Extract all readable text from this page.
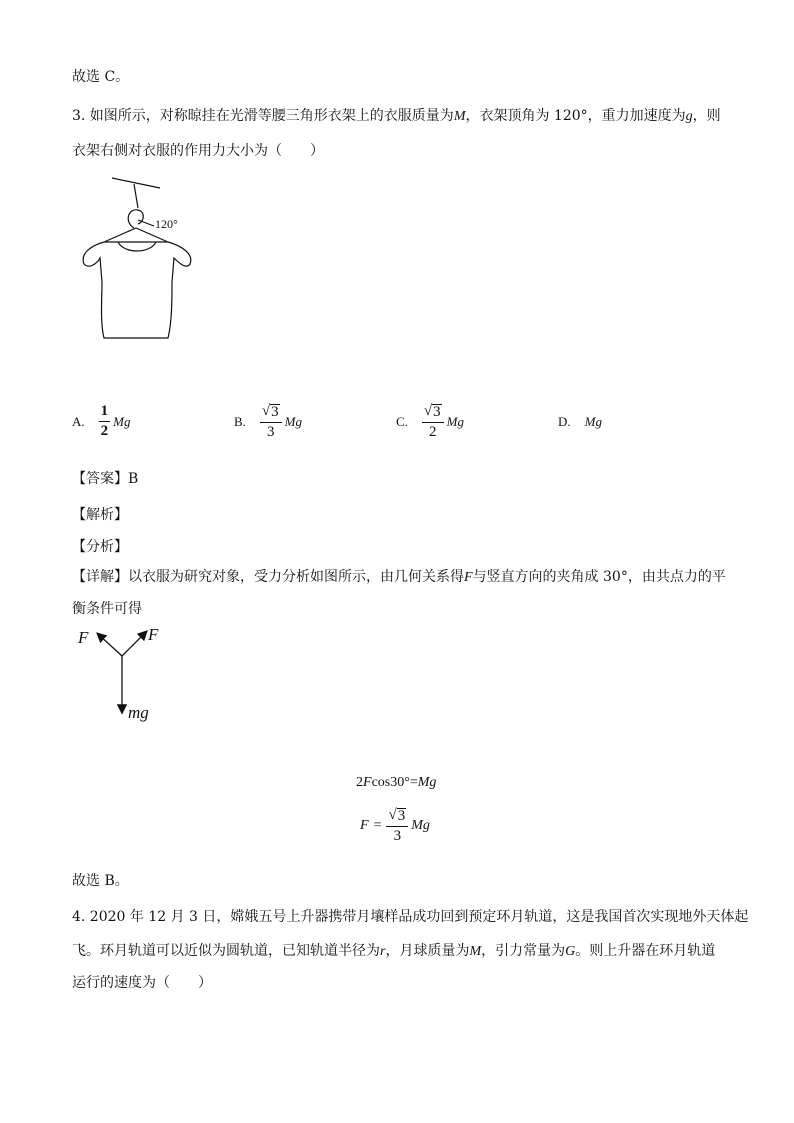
故选 C。
3. 如图所示，对称晾挂在光滑等腰三角形衣架上的衣服质量为M，衣架顶角为 120°，重力加速度为g，则
衣架右侧对衣服的作用力大小为（　　）
120°
A. $\frac{1}{2}$ Mg	B. $\frac{√ 3}{3}$ Mg	C. $\frac{√ 3}{2}$ Mg	D. Mg
【答案】B
【解析】
【分析】
【详解】以衣服为研究对象，受力分析如图所示，由几何关系得F与竖直方向的夹角成 30°，由共点力的平
衡条件可得
F	F
mg
2Fcos30°=Mg
$F = \frac{√ 3}{3}$ Mg
故选 B。
4. 2020 年 12 月 3 日，嫦娥五号上升器携带月壤样品成功回到预定环月轨道，这是我国首次实现地外天体起
飞。环月轨道可以近似为圆轨道，已知轨道半径为r，月球质量为M，引力常量为G。则上升器在环月轨道
运行的速度为（　　）
